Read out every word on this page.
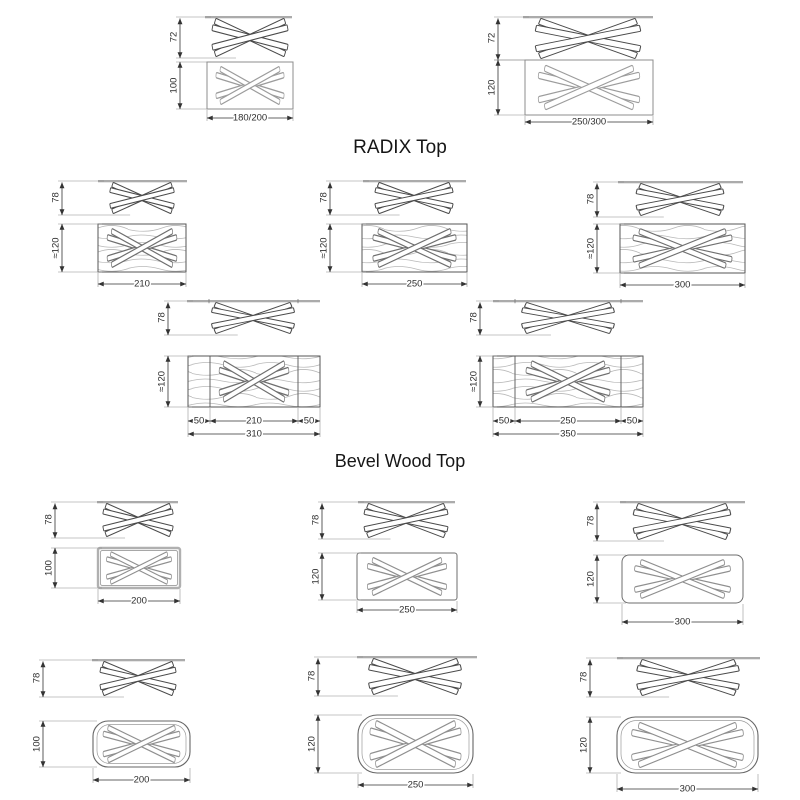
RADIX Top
Bevel Wood Top
72
100
180/200
72
120
250/300
78
≈120
210
78
≈120
250
78
≈120
300
78
≈120
50	210	50
310
78
≈120
50	250	50
350
78
100
200
78
120
250
78
120
300
78
100
200
78
120
250
78
120
300
